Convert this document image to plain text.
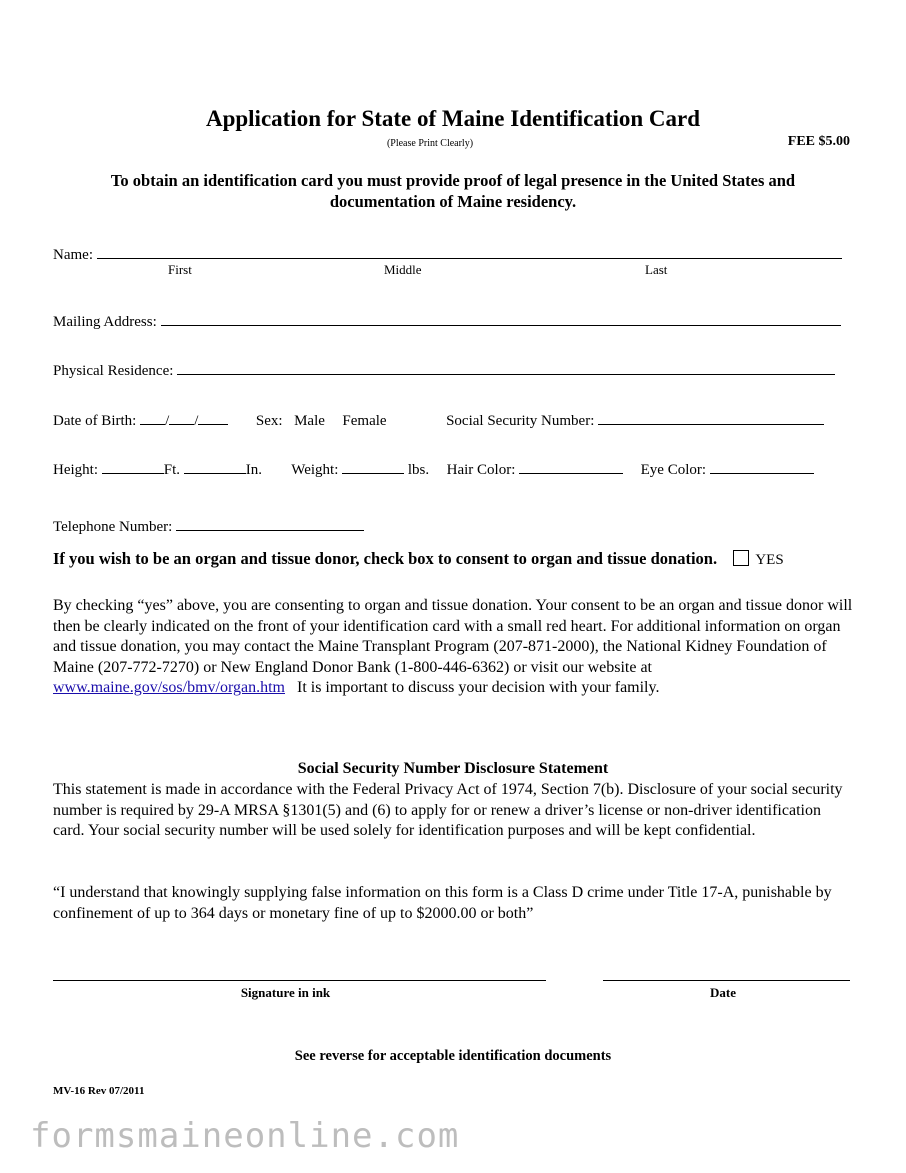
Application for State of Maine Identification Card
(Please Print Clearly)	FEE $5.00
To obtain an identification card you must provide proof of legal presence in the United States and documentation of Maine residency.
Name:
First	Middle	Last
Mailing Address:
Physical Residence:
Date of Birth: / /	Sex: Male Female	Social Security Number:
Height:	Ft.	In. Weight:	lbs. Hair Color:	Eye Color:
Telephone Number:
If you wish to be an organ and tissue donor, check box to consent to organ and tissue donation.	YES
By checking “yes” above, you are consenting to organ and tissue donation. Your consent to be an organ and tissue donor will then be clearly indicated on the front of your identification card with a small red heart. For additional information on organ and tissue donation, you may contact the Maine Transplant Program (207-871-2000), the National Kidney Foundation of Maine (207-772-7270) or New England Donor Bank (1-800-446-6362) or visit our website at www.maine.gov/sos/bmv/organ.htm   It is important to discuss your decision with your family.
Social Security Number Disclosure Statement
This statement is made in accordance with the Federal Privacy Act of 1974, Section 7(b). Disclosure of your social security number is required by 29-A MRSA §1301(5) and (6) to apply for or renew a driver’s license or non-driver identification card. Your social security number will be used solely for identification purposes and will be kept confidential.
“I understand that knowingly supplying false information on this form is a Class D crime under Title 17-A, punishable by confinement of up to 364 days or monetary fine of up to $2000.00 or both”
Signature in ink	Date
See reverse for acceptable identification documents
MV-16 Rev 07/2011
formsmaineonline.com
